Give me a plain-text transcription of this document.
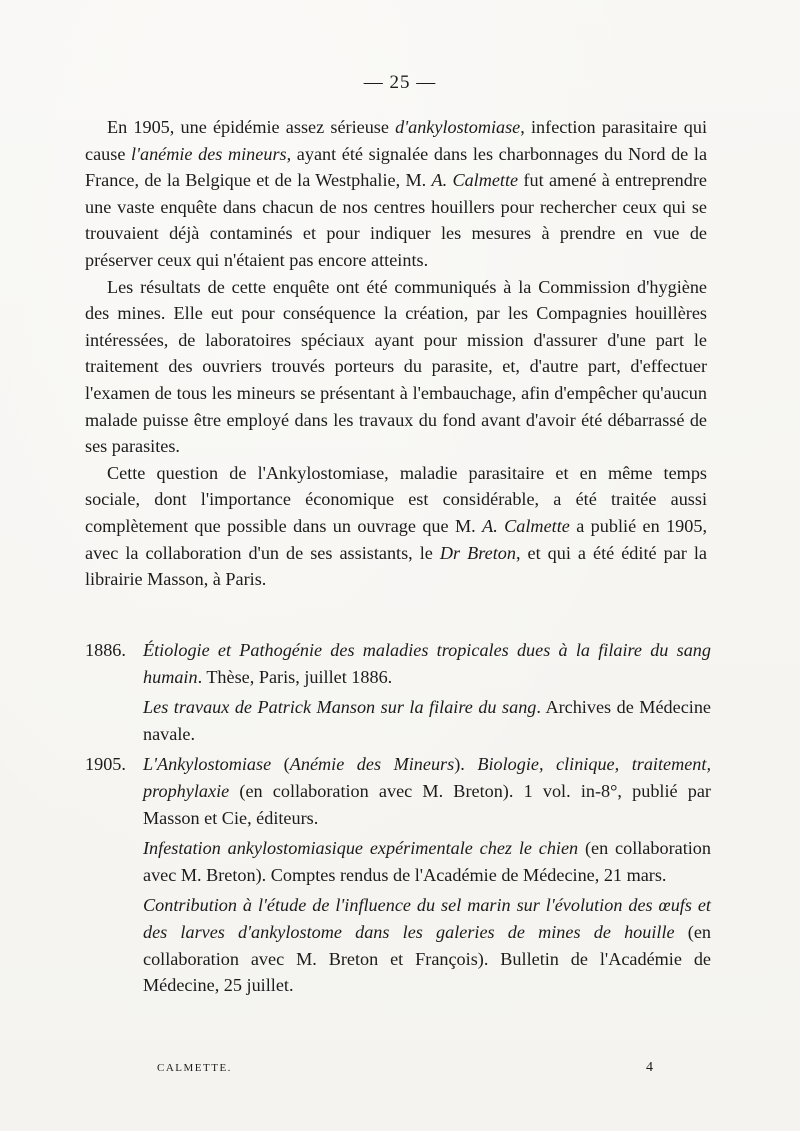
— 25 —

En 1905, une épidémie assez sérieuse d'ankylostomiase, infection parasitaire qui cause l'anémie des mineurs, ayant été signalée dans les charbonnages du Nord de la France, de la Belgique et de la Westphalie, M. A. Calmette fut amené à entreprendre une vaste enquête dans chacun de nos centres houillers pour rechercher ceux qui se trouvaient déjà contaminés et pour indiquer les mesures à prendre en vue de préserver ceux qui n'étaient pas encore atteints.

Les résultats de cette enquête ont été communiqués à la Commission d'hygiène des mines. Elle eut pour conséquence la création, par les Compagnies houillères intéressées, de laboratoires spéciaux ayant pour mission d'assurer d'une part le traitement des ouvriers trouvés porteurs du parasite, et, d'autre part, d'effectuer l'examen de tous les mineurs se présentant à l'embauchage, afin d'empêcher qu'aucun malade puisse être employé dans les travaux du fond avant d'avoir été débarrassé de ses parasites.

Cette question de l'Ankylostomiase, maladie parasitaire et en même temps sociale, dont l'importance économique est considérable, a été traitée aussi complètement que possible dans un ouvrage que M. A. Calmette a publié en 1905, avec la collaboration d'un de ses assistants, le Dr Breton, et qui a été édité par la librairie Masson, à Paris.

1886. Étiologie et Pathogénie des maladies tropicales dues à la filaire du sang humain. Thèse, Paris, juillet 1886.
Les travaux de Patrick Manson sur la filaire du sang. Archives de Médecine navale.
1905. L'Ankylostomiase (Anémie des Mineurs). Biologie, clinique, traitement, prophylaxie (en collaboration avec M. Breton). 1 vol. in-8°, publié par Masson et Cie, éditeurs.
Infestation ankylostomiasique expérimentale chez le chien (en collaboration avec M. Breton). Comptes rendus de l'Académie de Médecine, 21 mars.
Contribution à l'étude de l'influence du sel marin sur l'évolution des œufs et des larves d'ankylostome dans les galeries de mines de houille (en collaboration avec M. Breton et François). Bulletin de l'Académie de Médecine, 25 juillet.
CALMETTE.	4
